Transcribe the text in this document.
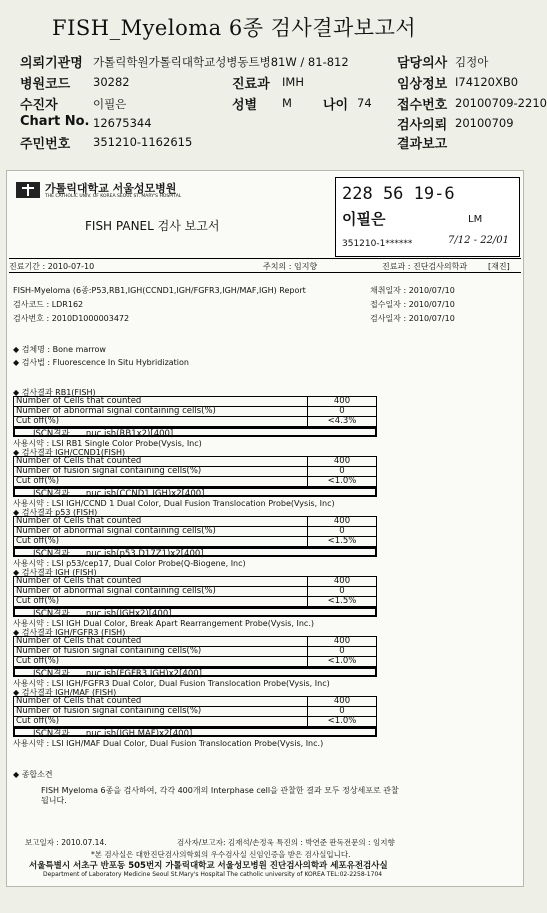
FISH_Myeloma 6종 검사결과보고서
의뢰기관명 가톨릭학원가톨릭대학교성병동트병81W / 81-812	담당의사 김정아
병원코드 30282	진료과 IMH	임상정보 I74120XB0
수진자	이필은	성별 M 나이 74 접수번호 20100709-2210
Chart No. 12675344	검사의뢰 20100709
주민번호 351210-1162615	결과보고
가톨릭대학교 서울성모병원
THE CATHOLIC UNIV. OF KOREA SEOUL ST. MARY'S HOSPITAL
FISH PANEL 검사 보고서
228 56 19-6
이필은	LM
351210-1******	7/12 - 22/01
진료기간 : 2010-07-10	주치의 : 임지향	진료과 : 진단검사의학과	[재진]
FISH-Myeloma (6종:P53,RB1,IGH(CCND1,IGH/FGFR3,IGH/MAF,IGH) Report
검사코드 : LDR162
검사번호 : 2010D1000003472
채취일자 : 2010/07/10
접수일자 : 2010/07/10
검사일자 : 2010/07/10
◆ 검체명 : Bone marrow
◆ 검사법 : Fluorescence In Situ Hybridization
◆ 검사결과 RB1(FISH)
Number of Cells that counted	400
Number of abnormal signal containing cells(%)	0
Cut off(%)	<4.3%
ISCN결과      nuc ish(RB1x2)[400]
사용시약 : LSI RB1 Single Color Probe(Vysis, Inc)
◆ 검사결과 IGH/CCND1(FISH)
Number of Cells that counted	400
Number of fusion signal containing cells(%)	0
Cut off(%)	<1.0%
ISCN결과      nuc ish(CCND1,IGH)x2[400]
사용시약 : LSI IGH/CCND 1 Dual Color, Dual Fusion Translocation Probe(Vysis, Inc)
◆ 검사결과 p53 (FISH)
Number of Cells that counted	400
Number of abnormal signal containing cells(%)	0
Cut off(%)	<1.5%
ISCN결과      nuc ish(p53,D17Z1)x2[400]
사용시약 : LSI p53/cep17, Dual Color Probe(Q-Biogene, Inc)
◆ 검사결과 IGH (FISH)
Number of Cells that counted	400
Number of abnormal signal containing cells(%)	0
Cut off(%)	<1.5%
ISCN결과      nuc ish(IGHx2)[400]
사용시약 : LSI IGH Dual Color, Break Apart Rearrangement Probe(Vysis, Inc.)
◆ 검사결과 IGH/FGFR3 (FISH)
Number of Cells that counted	400
Number of fusion signal containing cells(%)	0
Cut off(%)	<1.0%
ISCN결과      nuc ish(FGFR3,IGH)x2[400]
사용시약 : LSI IGH/FGFR3 Dual Color, Dual Fusion Translocation Probe(Vysis, Inc)
◆ 검사결과 IGH/MAF (FISH)
Number of Cells that counted	400
Number of fusion signal containing cells(%)	0
Cut off(%)	<1.0%
ISCN결과      nuc ish(IGH,MAF)x2[400]
사용시약 : LSI IGH/MAF Dual Color, Dual Fusion Translocation Probe(Vysis, Inc.)
◆ 종합소견
FISH Myeloma 6종을 검사하여, 각각 400개의 Interphase cell을 관찰한 결과 모두 정상세포로 관찰
됩니다.
보고일자 : 2010.07.14.	검사자/보고자: 김재석/손정욱 특진의 : 박연준 판독전문의 : 임지향
*본 검사실은 대한진단검사의학회의 우수검사실 신임인증을 받은 검사실입니다.
서울특별시 서초구 반포동 505번지 가톨릭대학교 서울성모병원 진단검사의학과 세포유전검사실
Department of Laboratory Medicine Seoul St.Mary's Hospital The catholic university of KOREA TEL:02-2258-1704
